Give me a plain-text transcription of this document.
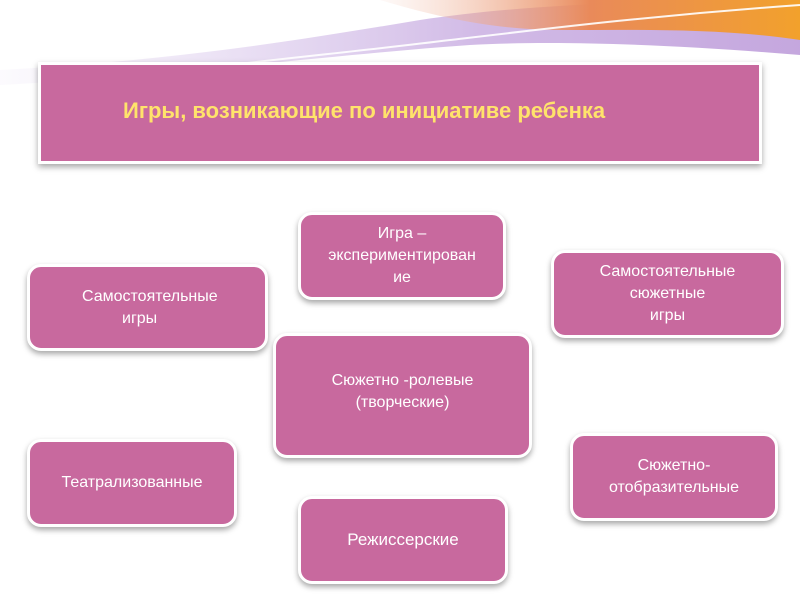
Игры, возникающие по инициативе ребенка
Игра –
экспериментирован
ие
Самостоятельные
игры
Самостоятельные
сюжетные
игры
Сюжетно -ролевые
(творческие)
Театрализованные
Сюжетно-
отобразительные
Режиссерские
